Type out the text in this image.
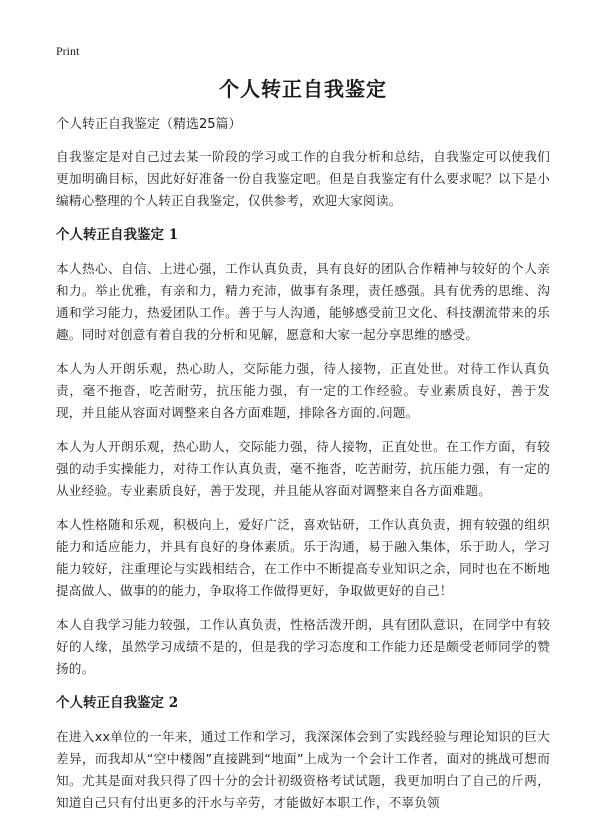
Print
个人转正自我鉴定
个人转正自我鉴定（精选25篇）

自我鉴定是对自己过去某一阶段的学习或工作的自我分析和总结，自我鉴定可以使我们更加明确目标，因此好好准备一份自我鉴定吧。但是自我鉴定有什么要求呢？以下是小编精心整理的个人转正自我鉴定，仅供参考，欢迎大家阅读。

个人转正自我鉴定 1

本人热心、自信、上进心强，工作认真负责，具有良好的团队合作精神与较好的个人亲和力。举止优雅，有亲和力，精力充沛，做事有条理，责任感强。具有优秀的思维、沟通和学习能力，热爱团队工作。善于与人沟通，能够感受前卫文化、科技潮流带来的乐趣。同时对创意有着自我的分析和见解，愿意和大家一起分享思维的感受。

本人为人开朗乐观，热心助人，交际能力强，待人接物，正直处世。对待工作认真负责，毫不拖沓，吃苦耐劳，抗压能力强，有一定的工作经验。专业素质良好，善于发现，并且能从容面对调整来自各方面难题，排除各方面的.问题。

本人为人开朗乐观，热心助人，交际能力强，待人接物，正直处世。在工作方面，有较强的动手实操能力，对待工作认真负责，毫不拖沓，吃苦耐劳，抗压能力强，有一定的从业经验。专业素质良好，善于发现，并且能从容面对调整来自各方面难题。

本人性格随和乐观，积极向上，爱好广泛，喜欢钻研，工作认真负责，拥有较强的组织能力和适应能力，并具有良好的身体素质。乐于沟通，易于融入集体，乐于助人，学习能力较好，注重理论与实践相结合，在工作中不断提高专业知识之余，同时也在不断地提高做人、做事的的能力，争取将工作做得更好，争取做更好的自己！

本人自我学习能力较强，工作认真负责，性格活泼开朗，具有团队意识，在同学中有较好的人缘，虽然学习成绩不是的，但是我的学习态度和工作能力还是颇受老师同学的赞扬的。

个人转正自我鉴定 2

在进入xx单位的一年来，通过工作和学习，我深深体会到了实践经验与理论知识的巨大差异，而我却从“空中楼阁”直接跳到“地面”上成为一个会计工作者，面对的挑战可想而知。尤其是面对我只得了四十分的会计初级资格考试试题，我更加明白了自己的斤两，知道自己只有付出更多的汗水与辛劳，才能做好本职工作，不辜负领
